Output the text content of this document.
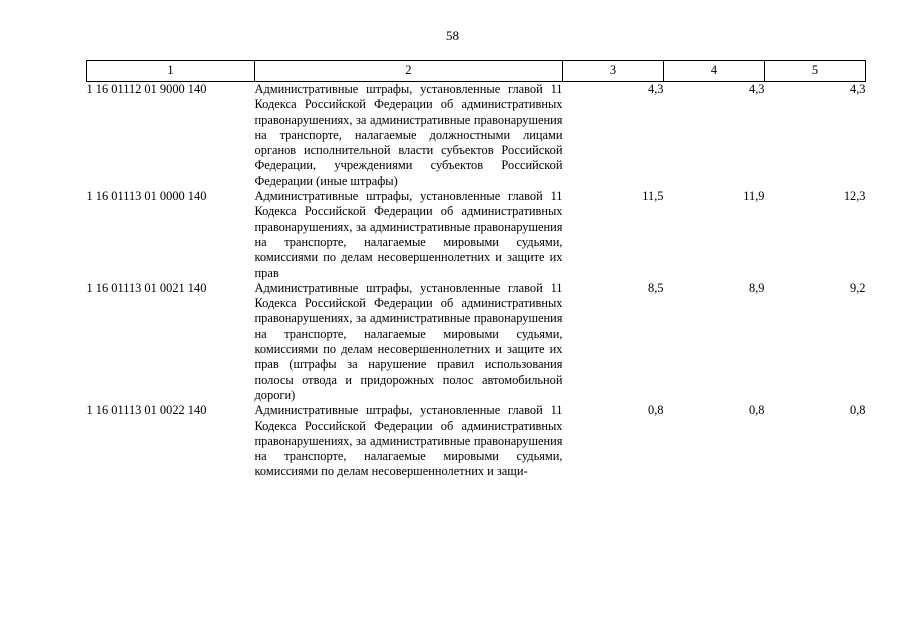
58
1	2	3	4	5
1 16 01112 01 9000 140	Административные штрафы, установленные главой 11 Кодекса Российской Федерации об административных правонарушениях, за административные правонарушения на транспорте, налагаемые должностными лицами органов исполнительной власти субъектов Российской Федерации, учреждениями субъектов Российской Федерации (иные штрафы)	4,3	4,3	4,3
1 16 01113 01 0000 140	Административные штрафы, установленные главой 11 Кодекса Российской Федерации об административных правонарушениях, за административные правонарушения на транспорте, налагаемые мировыми судьями, комиссиями по делам несовершеннолетних и защите их прав	11,5	11,9	12,3
1 16 01113 01 0021 140	Административные штрафы, установленные главой 11 Кодекса Российской Федерации об административных правонарушениях, за административные правонарушения на транспорте, налагаемые мировыми судьями, комиссиями по делам несовершеннолетних и защите их прав (штрафы за нарушение правил использования полосы отвода и придорожных полос автомобильной дороги)	8,5	8,9	9,2
1 16 01113 01 0022 140	Административные штрафы, установленные главой 11 Кодекса Российской Федерации об административных правонарушениях, за административные правонарушения на транспорте, налагаемые мировыми судьями, комиссиями по делам несовершеннолетних и защи-	0,8	0,8	0,8
